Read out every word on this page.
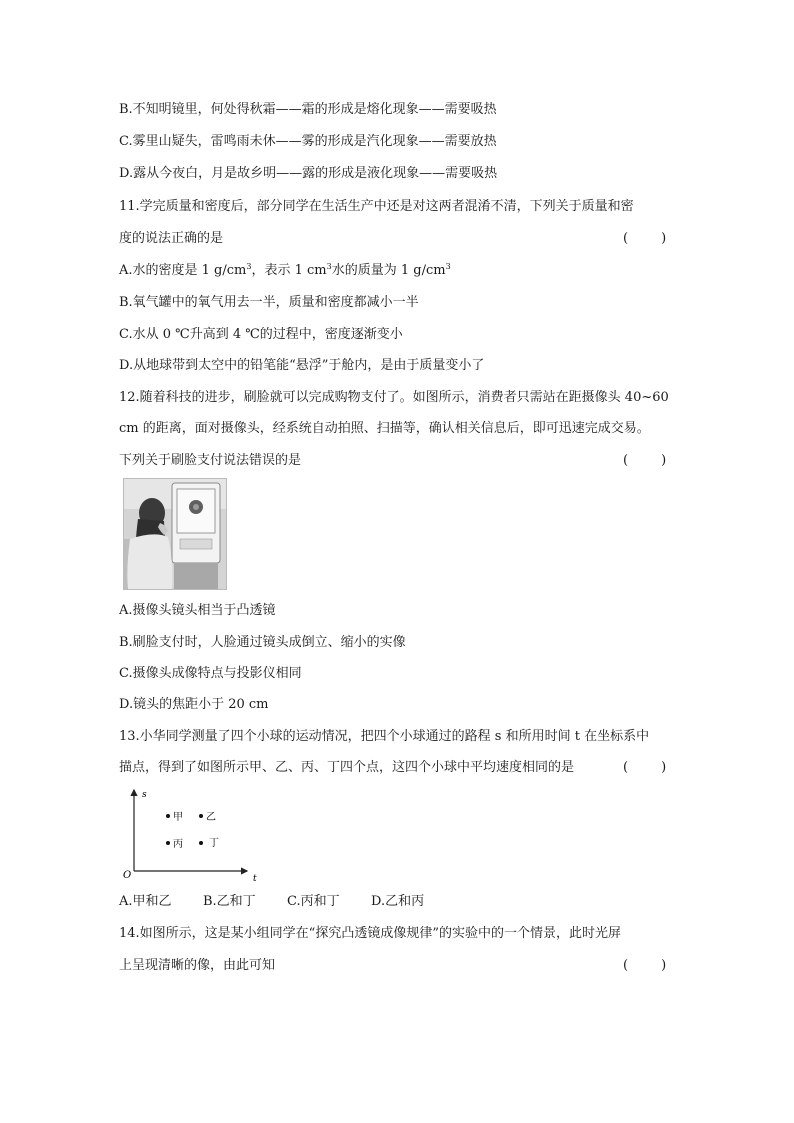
B.不知明镜里，何处得秋霜——霜的形成是熔化现象——需要吸热
C.雾里山疑失，雷鸣雨未休——雾的形成是汽化现象——需要放热
D.露从今夜白，月是故乡明——露的形成是液化现象——需要吸热
11.学完质量和密度后，部分同学在生活生产中还是对这两者混淆不清，下列关于质量和密
度的说法正确的是	(        )
A.水的密度是 1 $g/cm^3$，表示 1 $cm^3$水的质量为 1 $g/cm^3$
B.氧气罐中的氧气用去一半，质量和密度都减小一半
C.水从 0 ℃升高到 4 ℃的过程中，密度逐渐变小
D.从地球带到太空中的铅笔能“悬浮”于舱内，是由于质量变小了
12.随着科技的进步，刷脸就可以完成购物支付了。如图所示，消费者只需站在距摄像头 40~60
cm 的距离，面对摄像头，经系统自动拍照、扫描等，确认相关信息后，即可迅速完成交易。
下列关于刷脸支付说法错误的是	(        )
A.摄像头镜头相当于凸透镜
B.刷脸支付时，人脸通过镜头成倒立、缩小的实像
C.摄像头成像特点与投影仪相同
D.镜头的焦距小于 20 cm
13.小华同学测量了四个小球的运动情况，把四个小球通过的路程 s 和所用时间 t 在坐标系中
描点，得到了如图所示甲、乙、丙、丁四个点，这四个小球中平均速度相同的是	(        )
s
t
O
甲 乙
丙	丁
A.甲和乙 B.乙和丁 C.丙和丁 D.乙和丙
14.如图所示，这是某小组同学在“探究凸透镜成像规律”的实验中的一个情景，此时光屏
上呈现清晰的像，由此可知	(        )
